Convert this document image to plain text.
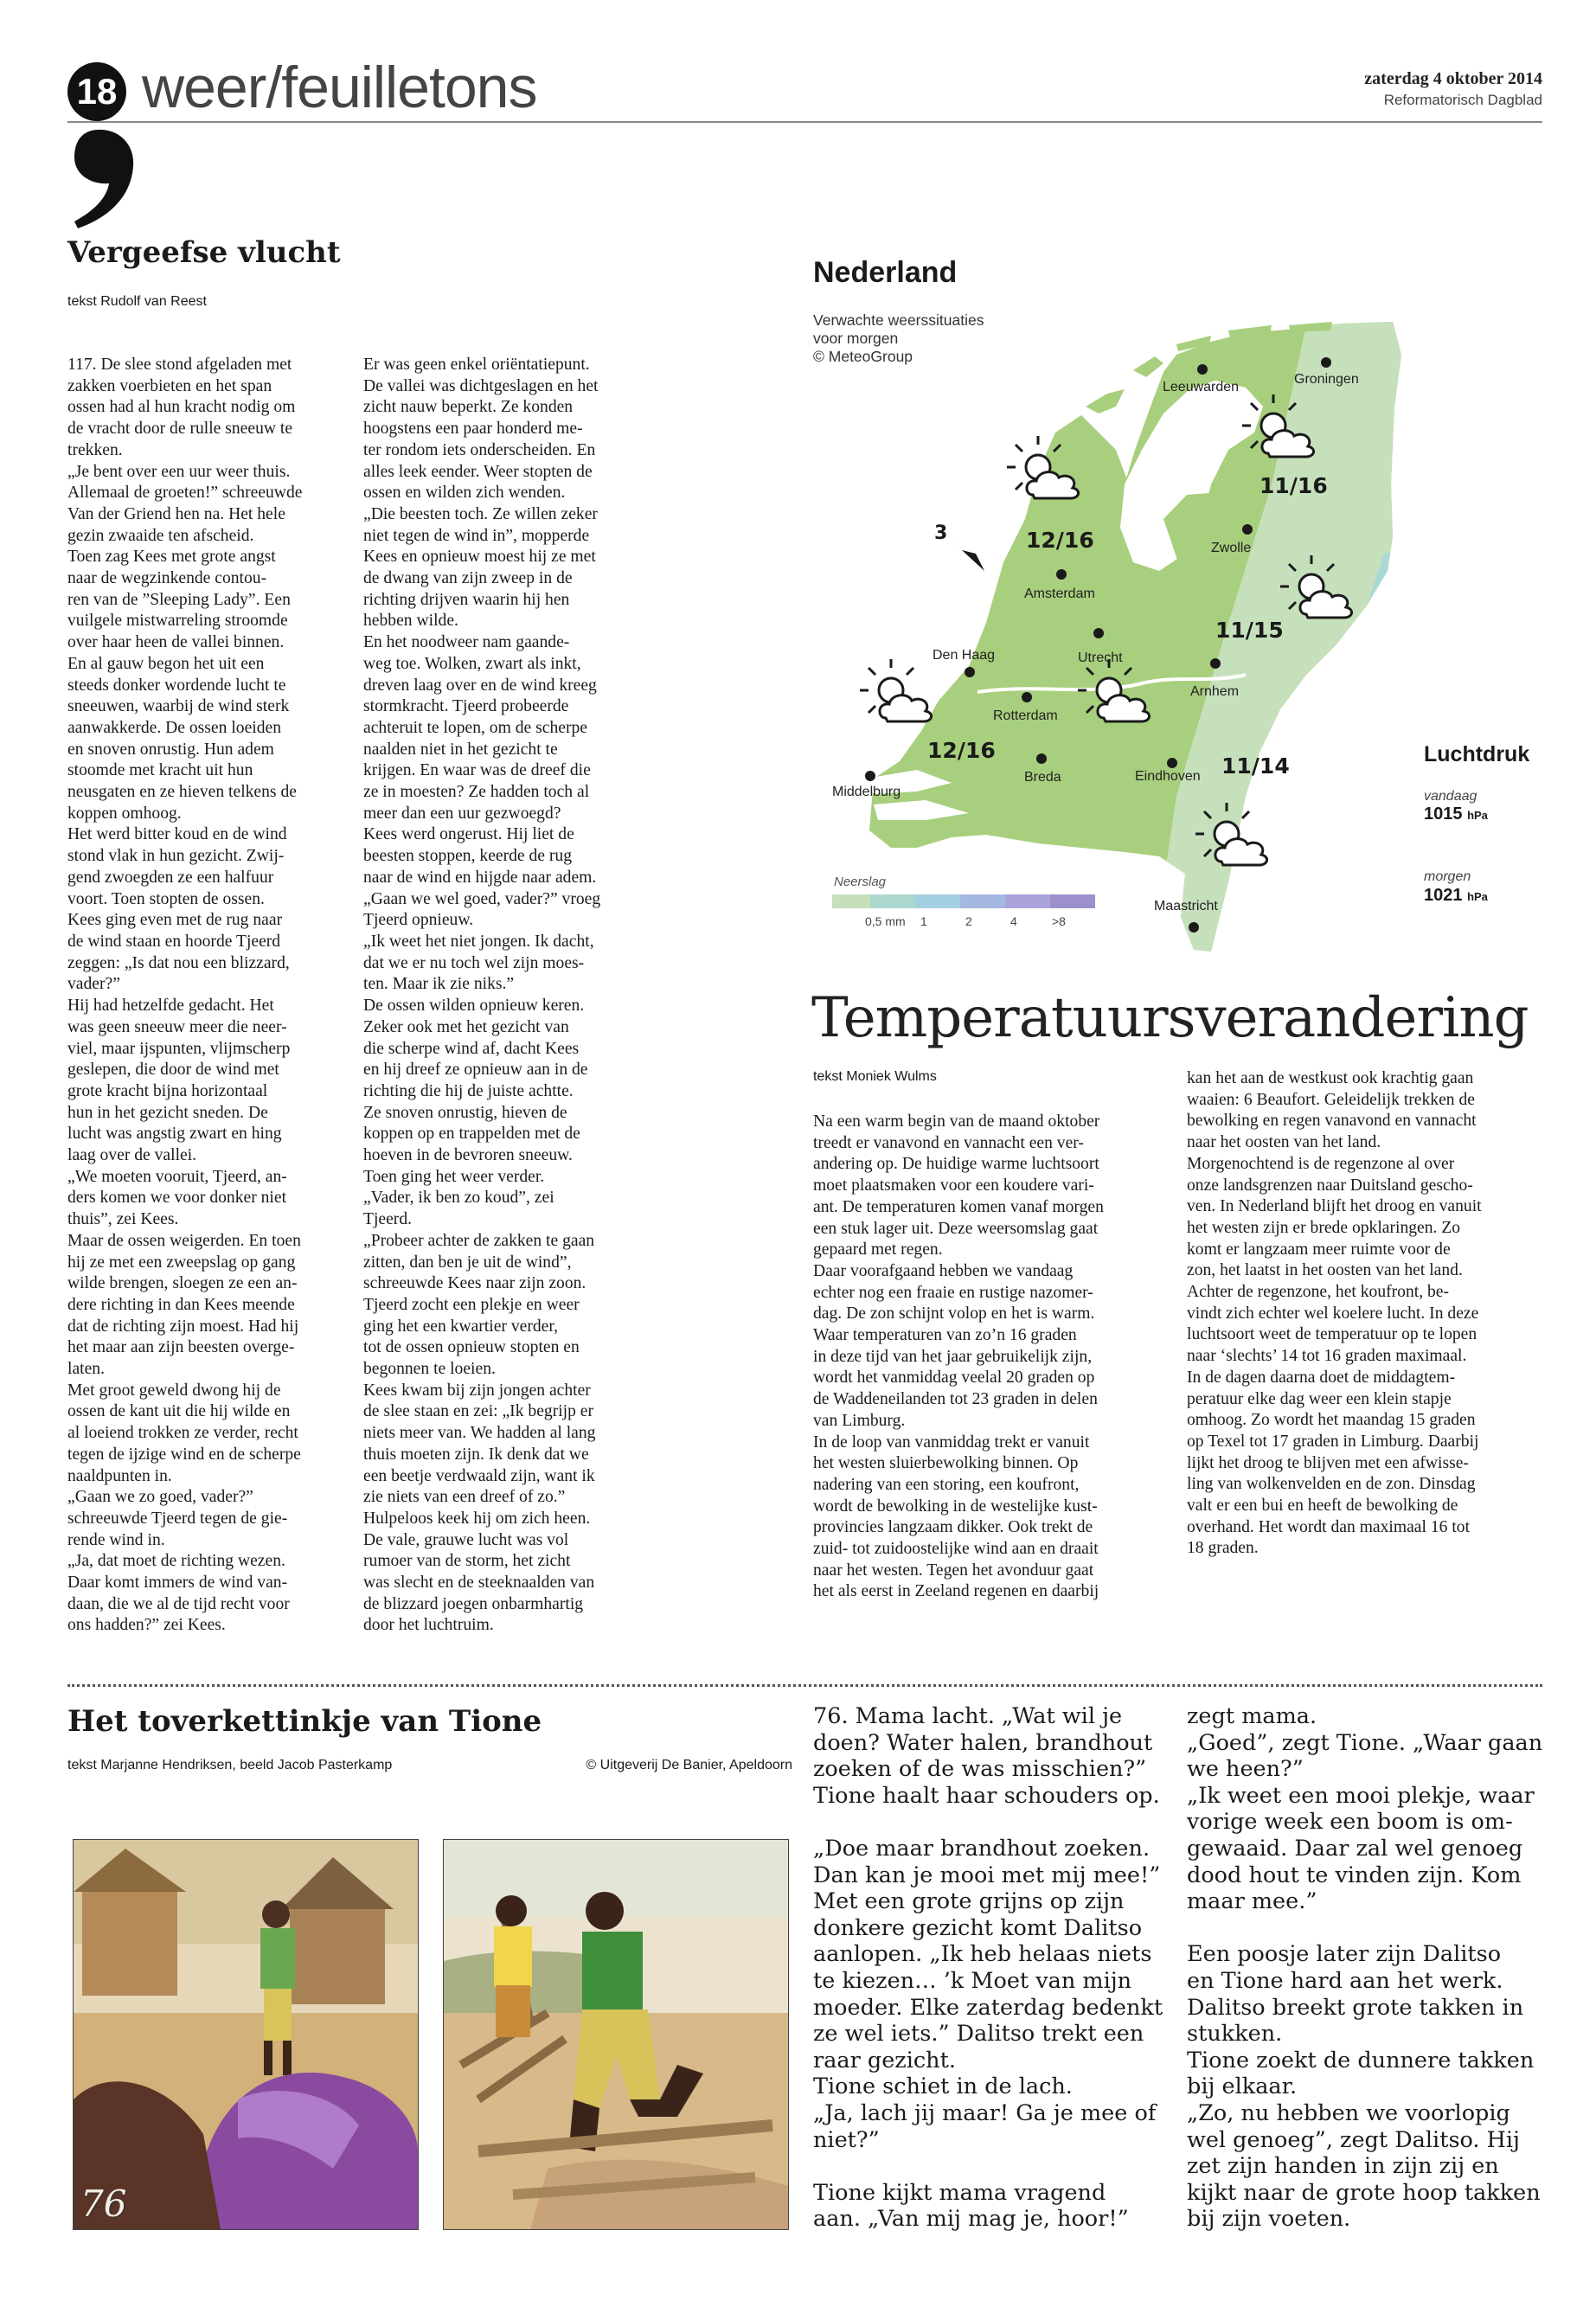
18 weer/feuilletons	zaterdag 4 oktober 2014
Reformatorisch Dagblad
Vergeefse vlucht
tekst Rudolf van Reest

117. De slee stond afgeladen met

zakken voerbieten en het span

ossen had al hun kracht nodig om

de vracht door de rulle sneeuw te

trekken.

„Je bent over een uur weer thuis.

Allemaal de groeten!” schreeuwde

Van der Griend hen na. Het hele

gezin zwaaide ten afscheid.

Toen zag Kees met grote angst

naar de wegzinkende contou-

ren van de ”Sleeping Lady”. Een

vuilgele mistwarreling stroomde

over haar heen de vallei binnen.

En al gauw begon het uit een

steeds donker wordende lucht te

sneeuwen, waarbij de wind sterk

aanwakkerde. De ossen loeiden

en snoven onrustig. Hun adem

stoomde met kracht uit hun

neusgaten en ze hieven telkens de

koppen omhoog.

Het werd bitter koud en de wind

stond vlak in hun gezicht. Zwij-

gend zwoegden ze een halfuur

voort. Toen stopten de ossen.

Kees ging even met de rug naar

de wind staan en hoorde Tjeerd

zeggen: „Is dat nou een blizzard,

vader?”

Hij had hetzelfde gedacht. Het

was geen sneeuw meer die neer-

viel, maar ijspunten, vlijmscherp

geslepen, die door de wind met

grote kracht bijna horizontaal

hun in het gezicht sneden. De

lucht was angstig zwart en hing

laag over de vallei.

„We moeten vooruit, Tjeerd, an-

ders komen we voor donker niet

thuis”, zei Kees.

Maar de ossen weigerden. En toen

hij ze met een zweepslag op gang

wilde brengen, sloegen ze een an-

dere richting in dan Kees meende

dat de richting zijn moest. Had hij

het maar aan zijn beesten overge-

laten.

Met groot geweld dwong hij de

ossen de kant uit die hij wilde en

al loeiend trokken ze verder, recht

tegen de ijzige wind en de scherpe

naaldpunten in.

„Gaan we zo goed, vader?”

schreeuwde Tjeerd tegen de gie-

rende wind in.

„Ja, dat moet de richting wezen.

Daar komt immers de wind van-

daan, die we al de tijd recht voor

ons hadden?” zei Kees.

Er was geen enkel oriëntatiepunt.

De vallei was dichtgeslagen en het

zicht nauw beperkt. Ze konden

hoogstens een paar honderd me-

ter rondom iets onderscheiden. En

alles leek eender. Weer stopten de

ossen en wilden zich wenden.

„Die beesten toch. Ze willen zeker

niet tegen de wind in”, mopperde

Kees en opnieuw moest hij ze met

de dwang van zijn zweep in de

richting drijven waarin hij hen

hebben wilde.

En het noodweer nam gaande-

weg toe. Wolken, zwart als inkt,

dreven laag over en de wind kreeg

stormkracht. Tjeerd probeerde

achteruit te lopen, om de scherpe

naalden niet in het gezicht te

krijgen. En waar was de dreef die

ze in moesten? Ze hadden toch al

meer dan een uur gezwoegd?

Kees werd ongerust. Hij liet de

beesten stoppen, keerde de rug

naar de wind en hijgde naar adem.

„Gaan we wel goed, vader?” vroeg

Tjeerd opnieuw.

„Ik weet het niet jongen. Ik dacht,

dat we er nu toch wel zijn moes-

ten. Maar ik zie niks.”

De ossen wilden opnieuw keren.

Zeker ook met het gezicht van

die scherpe wind af, dacht Kees

en hij dreef ze opnieuw aan in de

richting die hij de juiste achtte.

Ze snoven onrustig, hieven de

koppen op en trappelden met de

hoeven in de bevroren sneeuw.

Toen ging het weer verder.

„Vader, ik ben zo koud”, zei

Tjeerd.

„Probeer achter de zakken te gaan

zitten, dan ben je uit de wind”,

schreeuwde Kees naar zijn zoon.

Tjeerd zocht een plekje en weer

ging het een kwartier verder,

tot de ossen opnieuw stopten en

begonnen te loeien.

Kees kwam bij zijn jongen achter

de slee staan en zei: „Ik begrijp er

niets meer van. We hadden al lang

thuis moeten zijn. Ik denk dat we

een beetje verdwaald zijn, want ik

zie niets van een dreef of zo.”

Hulpeloos keek hij om zich heen.

De vale, grauwe lucht was vol

rumoer van de storm, het zicht

was slecht en de steeknaalden van

de blizzard joegen onbarmhartig

door het luchtruim.

Leeuwarden
Groningen
Zwolle
Amsterdam
Den Haag	Utrecht
Arnhem
Rotterdam
Breda	Eindhoven
Middelburg
Maastricht
11/16
12/16
11/15
12/16
11/14
3
Neerslag
0,5 mm 1	2	4	>8
Nederland
Verwachte weerssituaties
voor morgen
© MeteoGroup
Luchtdruk
vandaag
1015 hPa
morgen
1021 hPa
Temperatuursverandering
tekst Moniek Wulms

Na een warm begin van de maand oktober

treedt er vanavond en vannacht een ver-

andering op. De huidige warme luchtsoort

moet plaatsmaken voor een koudere vari-

ant. De temperaturen komen vanaf morgen

een stuk lager uit. Deze weersomslag gaat

gepaard met regen.

Daar voorafgaand hebben we vandaag

echter nog een fraaie en rustige nazomer-

dag. De zon schijnt volop en het is warm.

Waar temperaturen van zo’n 16 graden

in deze tijd van het jaar gebruikelijk zijn,

wordt het vanmiddag veelal 20 graden op

de Waddeneilanden tot 23 graden in delen

van Limburg.

In de loop van vanmiddag trekt er vanuit

het westen sluierbewolking binnen. Op

nadering van een storing, een koufront,

wordt de bewolking in de westelijke kust-

provincies langzaam dikker. Ook trekt de

zuid- tot zuidoostelijke wind aan en draait

naar het westen. Tegen het avonduur gaat

het als eerst in Zeeland regenen en daarbij

kan het aan de westkust ook krachtig gaan

waaien: 6 Beaufort. Geleidelijk trekken de

bewolking en regen vanavond en vannacht

naar het oosten van het land.

Morgenochtend is de regenzone al over

onze landsgrenzen naar Duitsland gescho-

ven. In Nederland blijft het droog en vanuit

het westen zijn er brede opklaringen. Zo

komt er langzaam meer ruimte voor de

zon, het laatst in het oosten van het land.

Achter de regenzone, het koufront, be-

vindt zich echter wel koelere lucht. In deze

luchtsoort weet de temperatuur op te lopen

naar ‘slechts’ 14 tot 16 graden maximaal.

In de dagen daarna doet de middagtem-

peratuur elke dag weer een klein stapje

omhoog. Zo wordt het maandag 15 graden

op Texel tot 17 graden in Limburg. Daarbij

lijkt het droog te blijven met een afwisse-

ling van wolkenvelden en de zon. Dinsdag

valt er een bui en heeft de bewolking de

overhand. Het wordt dan maximaal 16 tot

18 graden.

Het toverkettinkje van Tione
tekst Marjanne Hendriksen, beeld Jacob Pasterkamp	© Uitgeverij De Banier, Apeldoorn
76

76. Mama lacht. „Wat wil je

doen? Water halen, brandhout

zoeken of de was misschien?”

Tione haalt haar schouders op.

„Doe maar brandhout zoeken.

Dan kan je mooi met mij mee!”

Met een grote grijns op zijn

donkere gezicht komt Dalitso

aanlopen. „Ik heb helaas niets

te kiezen… ’k Moet van mijn

moeder. Elke zaterdag bedenkt

ze wel iets.” Dalitso trekt een

raar gezicht.

Tione schiet in de lach.

„Ja, lach jij maar! Ga je mee of

niet?”

Tione kijkt mama vragend

aan. „Van mij mag je, hoor!”

zegt mama.

„Goed”, zegt Tione. „Waar gaan

we heen?”

„Ik weet een mooi plekje, waar

vorige week een boom is om-

gewaaid. Daar zal wel genoeg

dood hout te vinden zijn. Kom

maar mee.”

Een poosje later zijn Dalitso

en Tione hard aan het werk.

Dalitso breekt grote takken in

stukken.

Tione zoekt de dunnere takken

bij elkaar.

„Zo, nu hebben we voorlopig

wel genoeg”, zegt Dalitso. Hij

zet zijn handen in zijn zij en

kijkt naar de grote hoop takken

bij zijn voeten.
